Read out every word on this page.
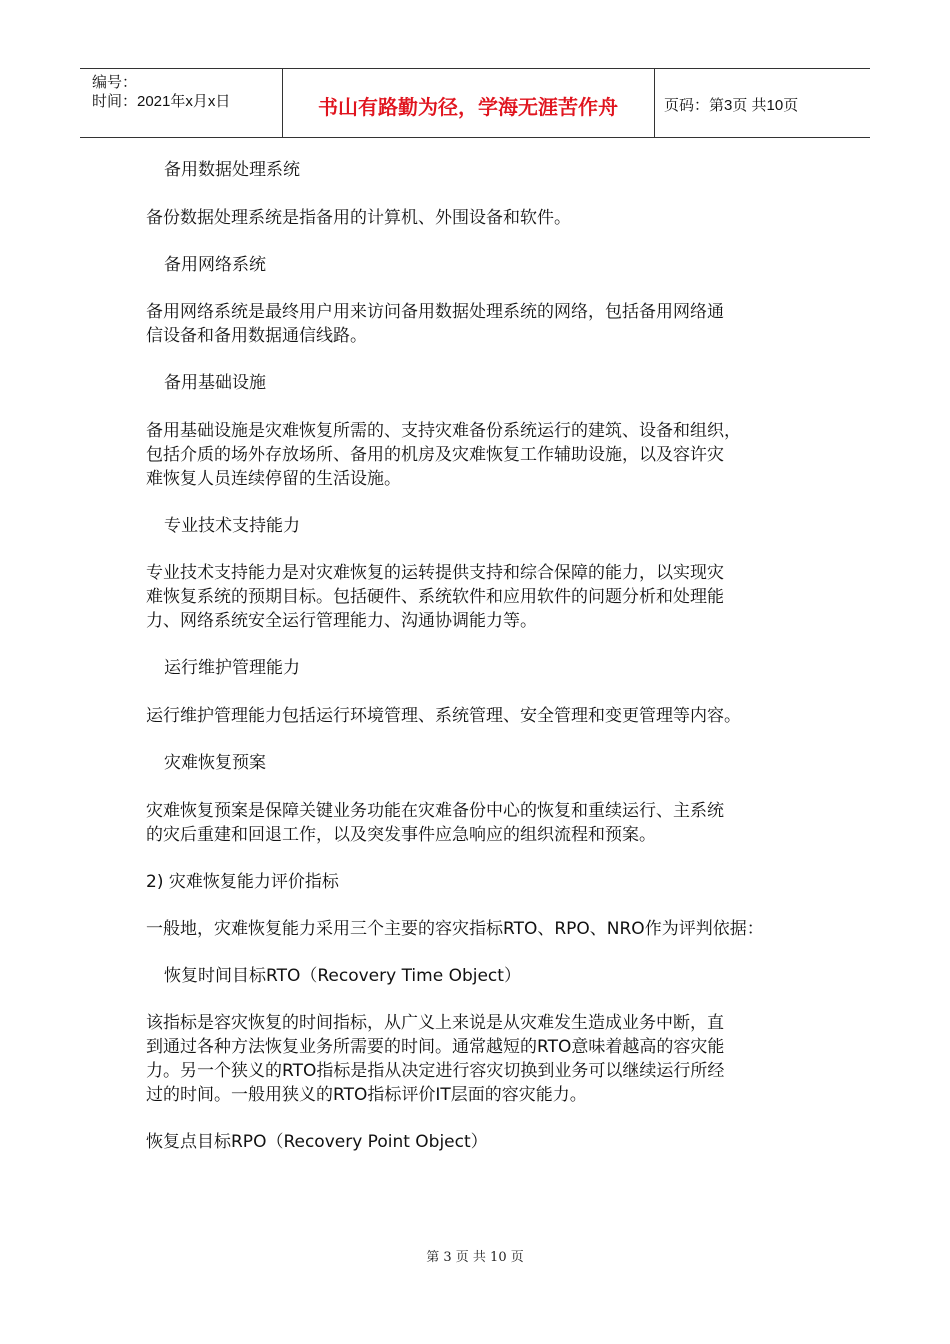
编号：
时间：2021年x月x日	书山有路勤为径，学海无涯苦作舟	页码：第3页 共10页

备用数据处理系统

备份数据处理系统是指备用的计算机、外围设备和软件。

备用网络系统

备用网络系统是最终用户用来访问备用数据处理系统的网络，包括备用网络通

信设备和备用数据通信线路。

备用基础设施

备用基础设施是灾难恢复所需的、支持灾难备份系统运行的建筑、设备和组织，

包括介质的场外存放场所、备用的机房及灾难恢复工作辅助设施，以及容许灾

难恢复人员连续停留的生活设施。

专业技术支持能力

专业技术支持能力是对灾难恢复的运转提供支持和综合保障的能力，以实现灾

难恢复系统的预期目标。包括硬件、系统软件和应用软件的问题分析和处理能

力、网络系统安全运行管理能力、沟通协调能力等。

运行维护管理能力

运行维护管理能力包括运行环境管理、系统管理、安全管理和变更管理等内容。

灾难恢复预案

灾难恢复预案是保障关键业务功能在灾难备份中心的恢复和重续运行、主系统

的灾后重建和回退工作，以及突发事件应急响应的组织流程和预案。

2) 灾难恢复能力评价指标

一般地，灾难恢复能力采用三个主要的容灾指标RTO、RPO、NRO作为评判依据：

恢复时间目标RTO（Recovery Time Object）

该指标是容灾恢复的时间指标，从广义上来说是从灾难发生造成业务中断，直

到通过各种方法恢复业务所需要的时间。通常越短的RTO意味着越高的容灾能

力。另一个狭义的RTO指标是指从决定进行容灾切换到业务可以继续运行所经

过的时间。一般用狭义的RTO指标评价IT层面的容灾能力。

恢复点目标RPO（Recovery Point Object）

第 3 页 共 10 页
